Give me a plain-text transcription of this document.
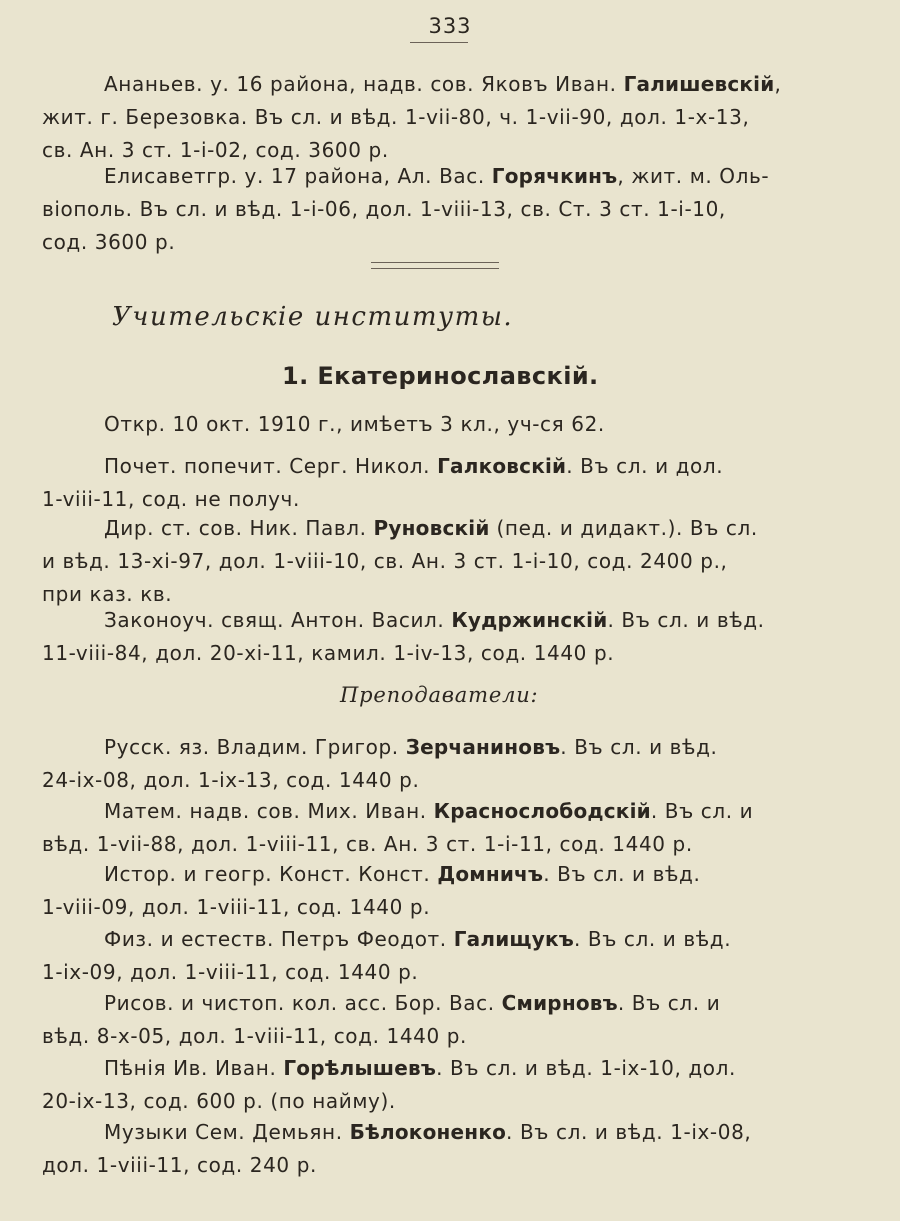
333
Ананьев. у. 16 района, надв. сов. Яковъ Иван. Галишевскій,
жит. г. Березовка. Въ сл. и вѣд. 1-vii-80, ч. 1-vii-90, дол. 1-x-13,
св. Ан. 3 ст. 1-i-02, сод. 3600 р.
Елисаветгр. у. 17 района, Ал. Вас. Горячкинъ, жит. м. Оль-
віополь. Въ сл. и вѣд. 1-i-06, дол. 1-viii-13, св. Ст. 3 ст. 1-i-10,
сод. 3600 р.
Учительскіе институты.
1. Екатеринославскій.
Откр. 10 окт. 1910 г., имѣетъ 3 кл., уч-ся 62.
Почет. попечит. Серг. Никол. Галковскій. Въ сл. и дол.
1-viii-11, сод. не получ.
Дир. ст. сов. Ник. Павл. Руновскій (пед. и дидакт.). Въ сл.
и вѣд. 13-xi-97, дол. 1-viii-10, св. Ан. 3 ст. 1-i-10, сод. 2400 р.,
при каз. кв.
Законоуч. свящ. Антон. Васил. Кудржинскій. Въ сл. и вѣд.
11-viii-84, дол. 20-xi-11, камил. 1-iv-13, сод. 1440 р.
Преподаватели:
Русск. яз. Владим. Григор. Зерчаниновъ. Въ сл. и вѣд.
24-ix-08, дол. 1-ix-13, сод. 1440 р.
Матем. надв. сов. Мих. Иван. Краснослободскій. Въ сл. и
вѣд. 1-vii-88, дол. 1-viii-11, св. Ан. 3 ст. 1-i-11, сод. 1440 р.
Истор. и геогр. Конст. Конст. Домничъ. Въ сл. и вѣд.
1-viii-09, дол. 1-viii-11, сод. 1440 р.
Физ. и естеств. Петръ Феодот. Галищукъ. Въ сл. и вѣд.
1-ix-09, дол. 1-viii-11, сод. 1440 р.
Рисов. и чистоп. кол. асс. Бор. Вас. Смирновъ. Въ сл. и
вѣд. 8-x-05, дол. 1-viii-11, сод. 1440 р.
Пѣнія Ив. Иван. Горѣлышевъ. Въ сл. и вѣд. 1-ix-10, дол.
20-ix-13, сод. 600 р. (по найму).
Музыки Сем. Демьян. Бѣлоконенко. Въ сл. и вѣд. 1-ix-08,
дол. 1-viii-11, сод. 240 р.
